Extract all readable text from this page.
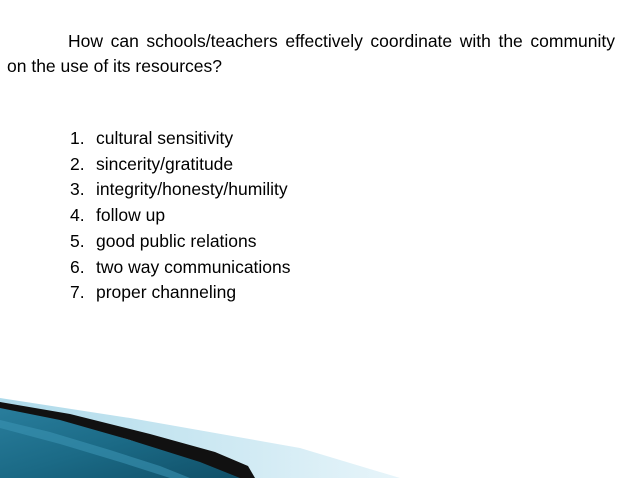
How can schools/teachers effectively coordinate with the community on the use of its resources?

1. cultural sensitivity
2. sincerity/gratitude
3. integrity/honesty/humility
4. follow up
5. good public relations
6. two way communications
7. proper channeling
